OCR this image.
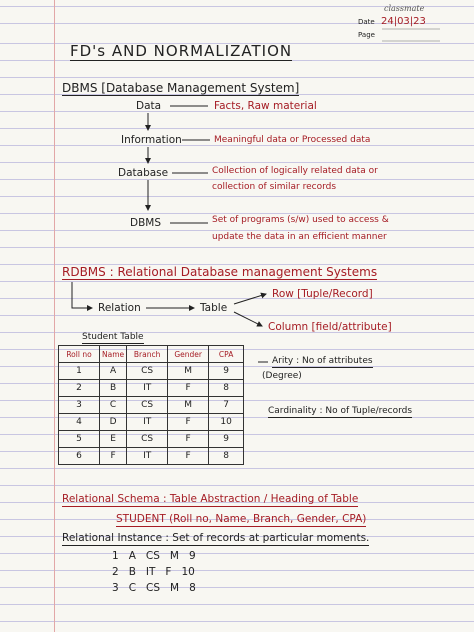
classmate
Date 24|03|23
Page
FD's AND NORMALIZATION
DBMS [Database Management System]
Data	Facts, Raw material
Information	Meaningful data or Processed data
Database	Collection of logically related data or
collection of similar records
DBMS	Set of programs (s/w) used to access &
update the data in an efficient manner
RDBMS : Relational Database management Systems
Relation	Table
Row [Tuple/Record]
Column [field/attribute]
Student Table
Roll no	Name	Branch	Gender	CPA
1	A	CS	M	9
2	B	IT	F	8
3	C	CS	M	7
4	D	IT	F	10
5	E	CS	F	9
6	F	IT	F	8
Arity : No of attributes
(Degree)
Cardinality : No of Tuple/records
Relational Schema : Table Abstraction / Heading of Table
STUDENT (Roll no, Name, Branch, Gender, CPA)
Relational Instance : Set of records at particular moments.
1   A   CS   M   9
2   B   IT   F   10
3   C   CS   M   8
